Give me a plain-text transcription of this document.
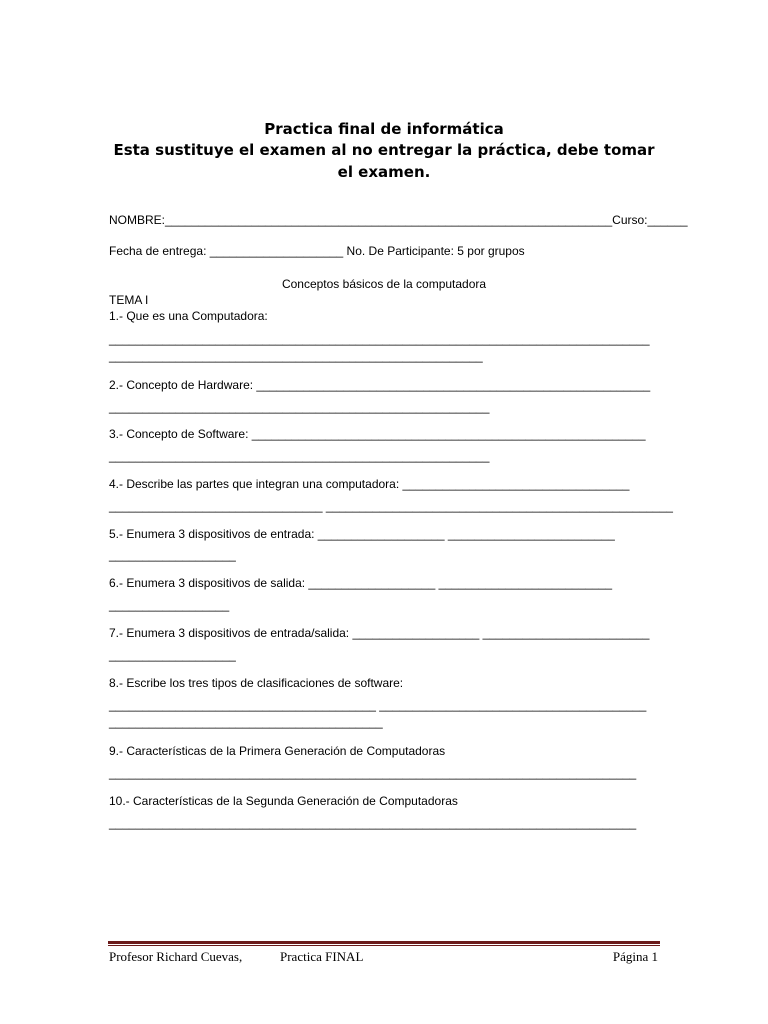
Practica final de informática
Esta sustituye el examen al no entregar la práctica, debe tomar
el examen.
NOMBRE:___________________________________________________________________Curso:______
Fecha de entrega: ____________________ No. De Participante: 5 por grupos
Conceptos básicos de la computadora
TEMA I
1.- Que es una Computadora:
_________________________________________________________________________________
________________________________________________________
2.- Concepto de Hardware: ___________________________________________________________
_________________________________________________________
3.- Concepto de Software: ___________________________________________________________
_________________________________________________________
4.- Describe las partes que integran una computadora: __________________________________
________________________________ ____________________________________________________
5.- Enumera 3 dispositivos de entrada: ___________________ _________________________
___________________
6.- Enumera 3 dispositivos de salida: ___________________ __________________________
__________________
7.- Enumera 3 dispositivos de entrada/salida: ___________________ _________________________
___________________
8.- Escribe los tres tipos de clasificaciones de software:
________________________________________ ________________________________________
_________________________________________
9.- Características de la Primera Generación de Computadoras
_______________________________________________________________________________
10.- Características de la Segunda Generación de Computadoras
_______________________________________________________________________________
Profesor Richard Cuevas,	Practica FINAL	Página 1
